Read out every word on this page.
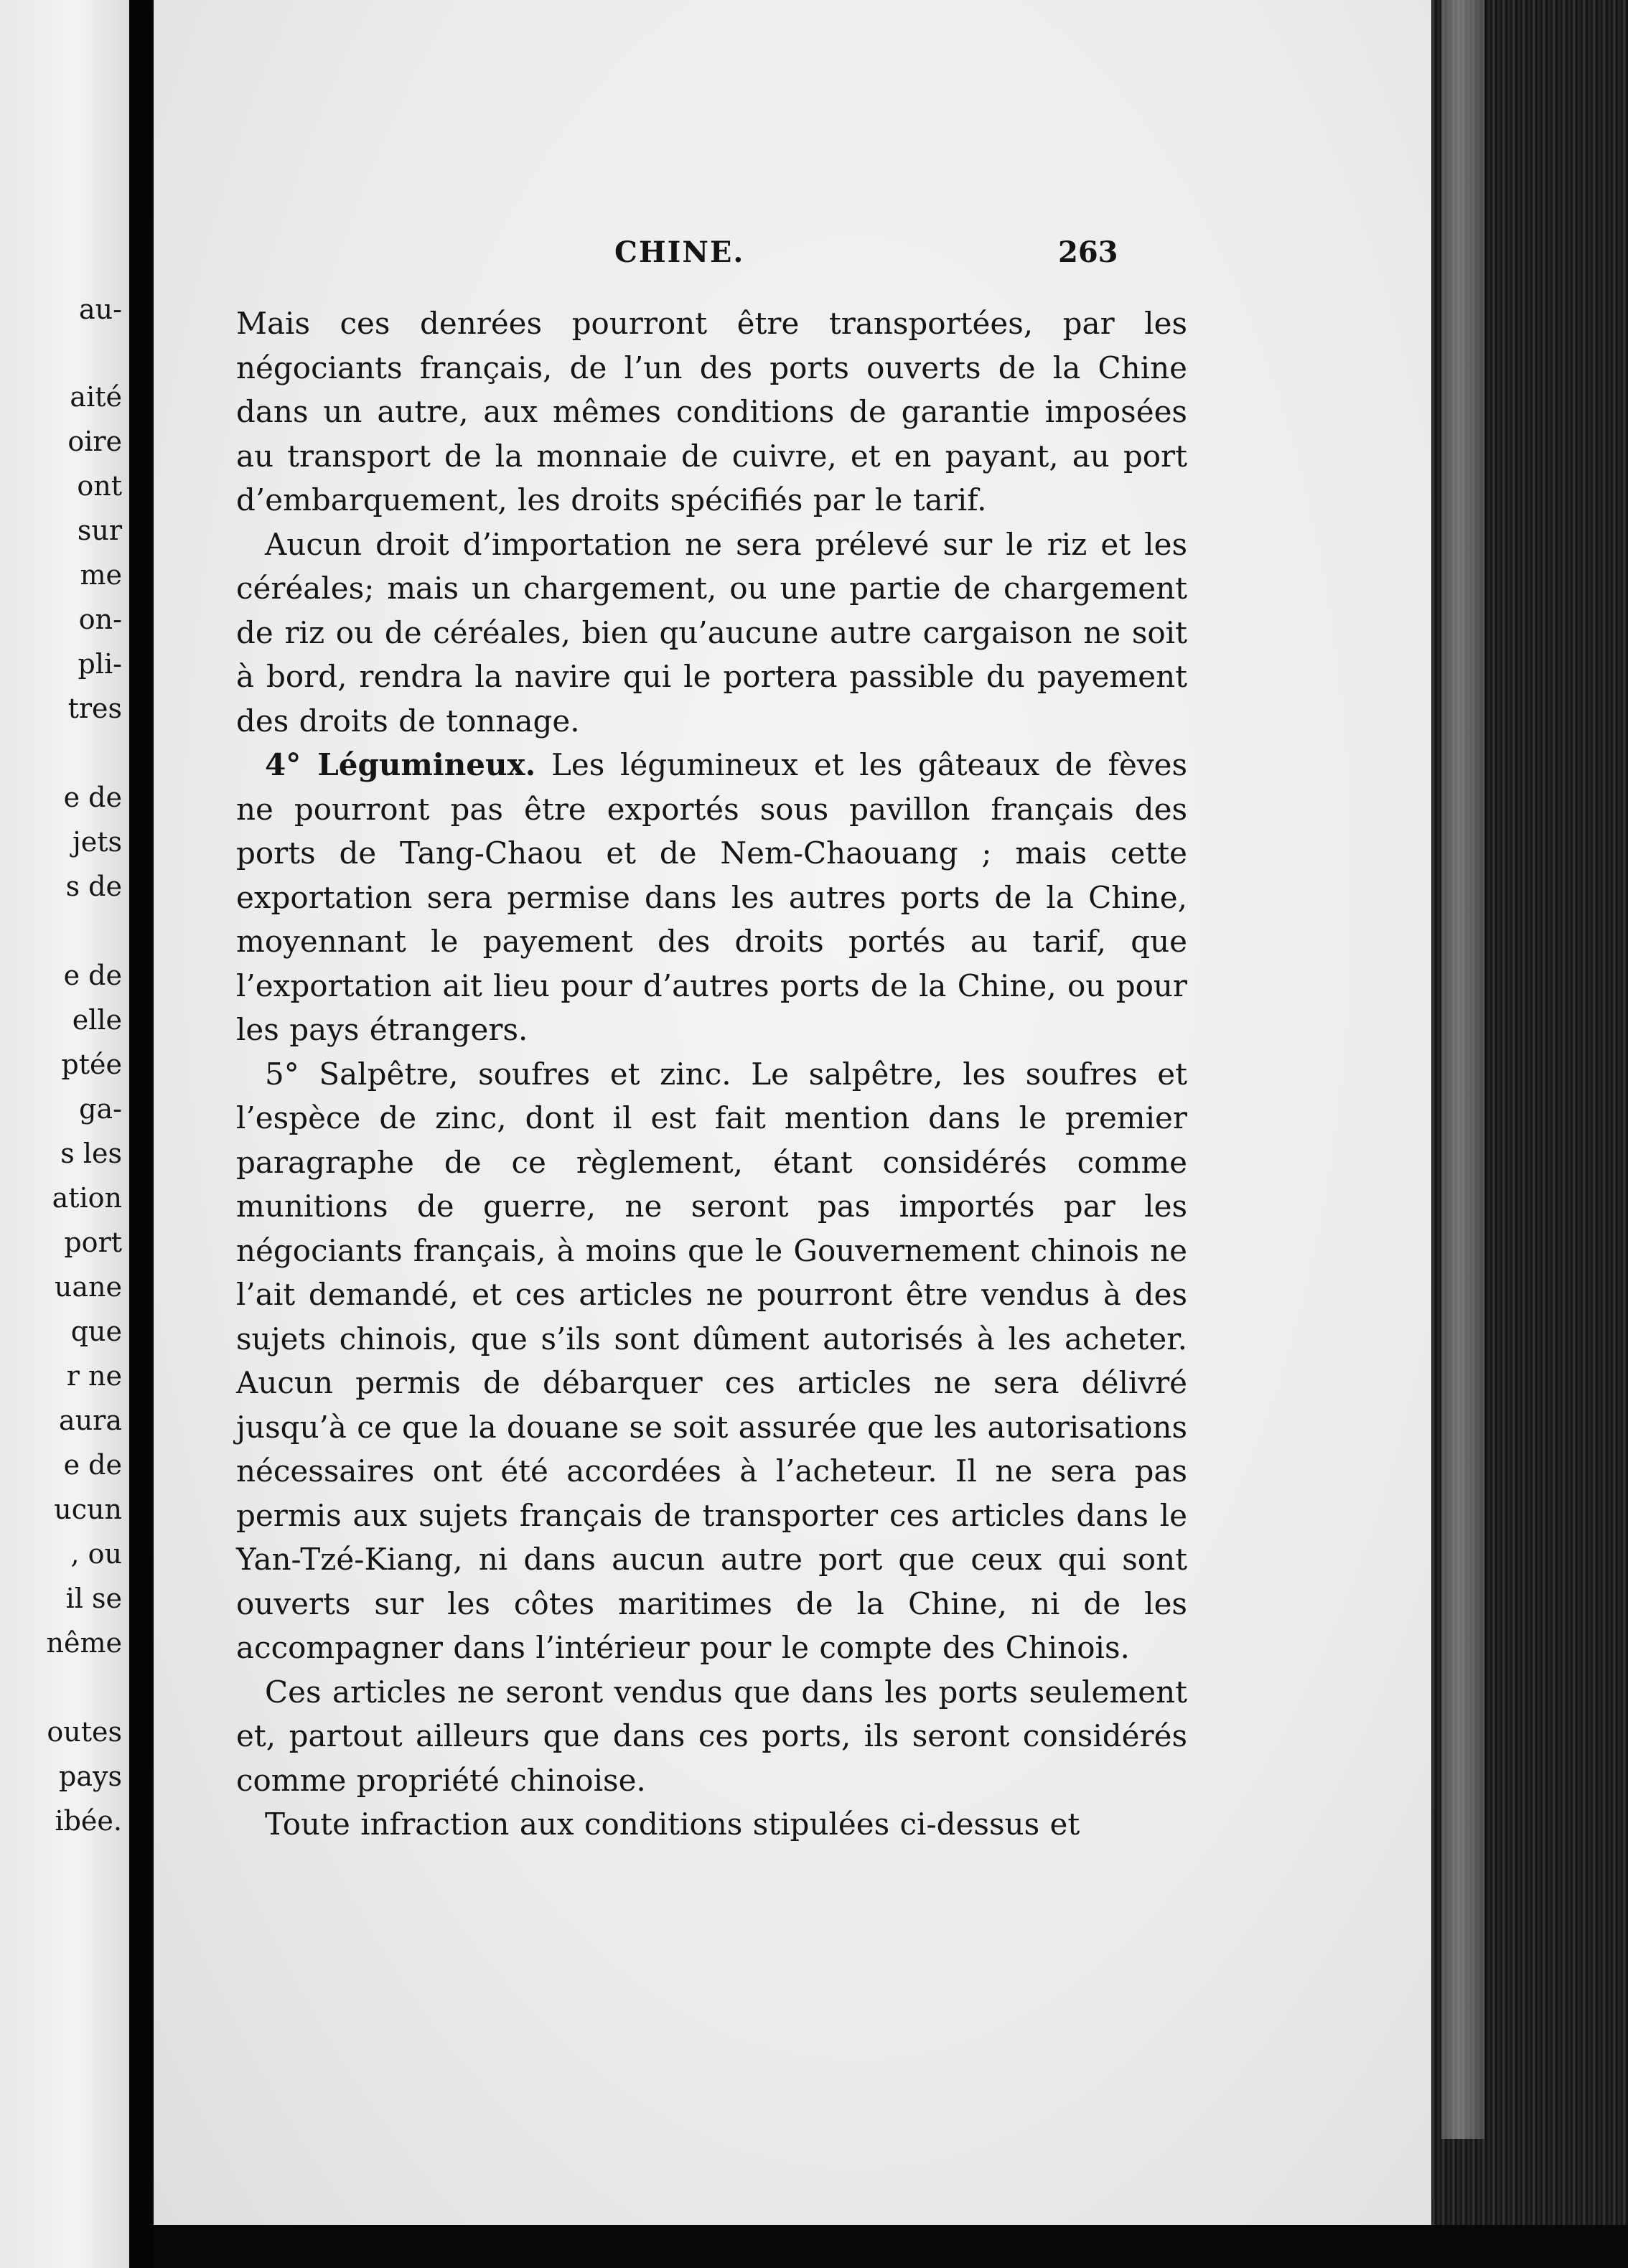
au-
aité
oire
ont
sur
me
on-
pli-
tres
e de
jets
s de
e de
elle
ptée
ga-
s les
ation
port
uane
que
r ne
aura
e de
ucun
, ou
il se
nême
outes
pays
ibée.
CHINE.	263

Mais ces denrées pourront être transportées, par les négociants français, de l’un des ports ouverts de la Chine dans un autre, aux mêmes conditions de garantie imposées au transport de la monnaie de cuivre, et en payant, au port d’embarquement, les droits spécifiés par le tarif.

Aucun droit d’importation ne sera prélevé sur le riz et les céréales; mais un chargement, ou une partie de chargement de riz ou de céréales, bien qu’aucune autre cargaison ne soit à bord, rendra la navire qui le portera passible du payement des droits de tonnage.

4° Légumineux. Les légumineux et les gâteaux de fèves ne pourront pas être exportés sous pavillon français des ports de Tang-Chaou et de Nem-Chaouang ; mais cette exportation sera permise dans les autres ports de la Chine, moyennant le payement des droits portés au tarif, que l’exportation ait lieu pour d’autres ports de la Chine, ou pour les pays étrangers.

5° Salpêtre, soufres et zinc. Le salpêtre, les soufres et l’espèce de zinc, dont il est fait mention dans le premier paragraphe de ce règlement, étant considérés comme munitions de guerre, ne seront pas importés par les négociants français, à moins que le Gouvernement chinois ne l’ait demandé, et ces articles ne pourront être vendus à des sujets chinois, que s’ils sont dûment autorisés à les acheter. Aucun permis de débarquer ces articles ne sera délivré jusqu’à ce que la douane se soit assurée que les autorisations nécessaires ont été accordées à l’acheteur. Il ne sera pas permis aux sujets français de transporter ces articles dans le Yan-Tzé-Kiang, ni dans aucun autre port que ceux qui sont ouverts sur les côtes maritimes de la Chine, ni de les accompagner dans l’intérieur pour le compte des Chinois.

Ces articles ne seront vendus que dans les ports seulement et, partout ailleurs que dans ces ports, ils seront considérés comme propriété chinoise.

Toute infraction aux conditions stipulées ci-dessus et
